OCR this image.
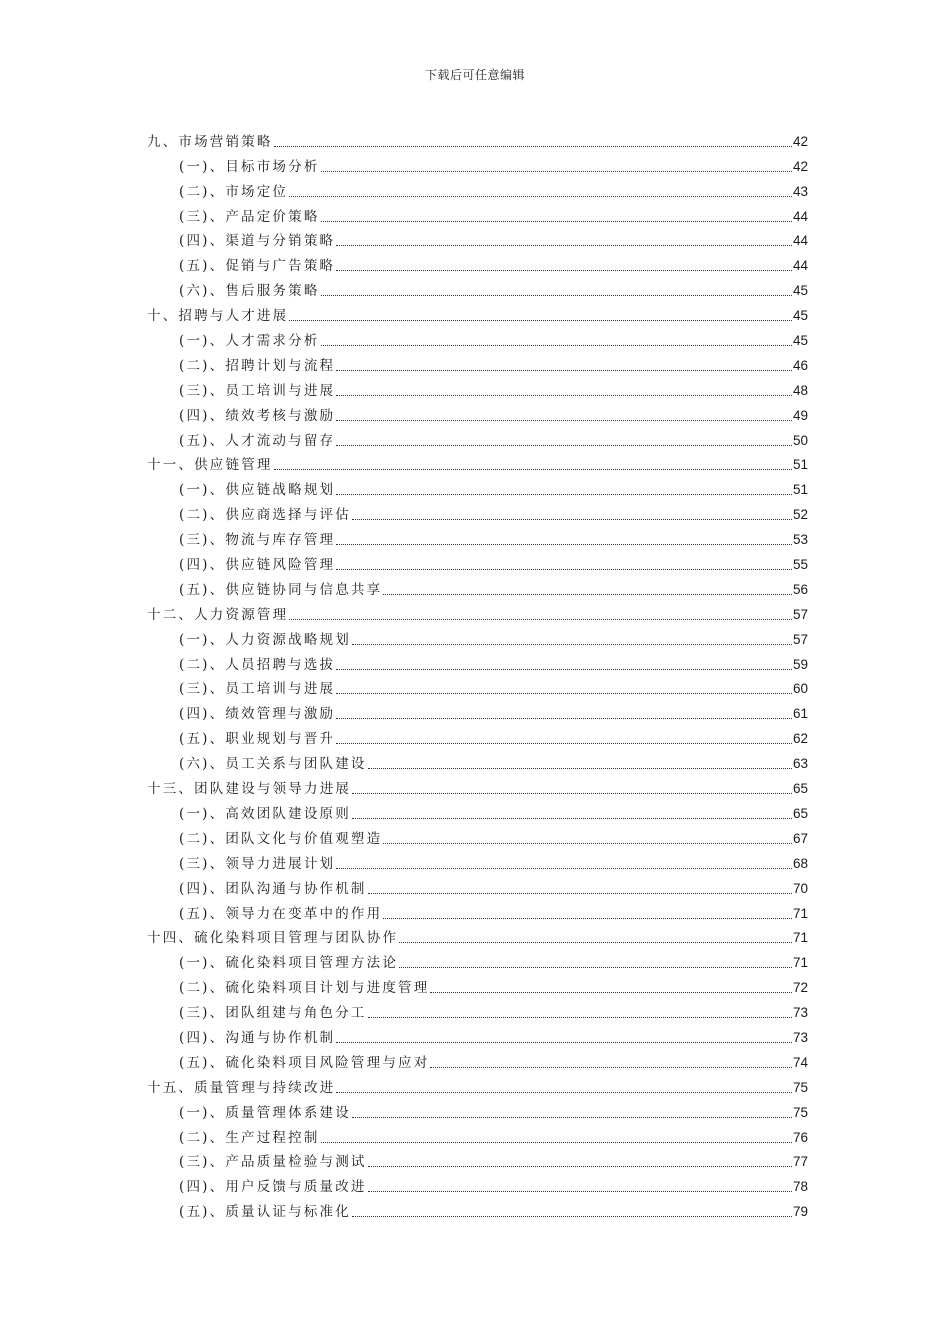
下载后可任意编辑
九、市场营销策略	42
(一)、目标市场分析	42
(二)、市场定位	43
(三)、产品定价策略	44
(四)、渠道与分销策略	44
(五)、促销与广告策略	44
(六)、售后服务策略	45
十、招聘与人才进展	45
(一)、人才需求分析	45
(二)、招聘计划与流程	46
(三)、员工培训与进展	48
(四)、绩效考核与激励	49
(五)、人才流动与留存	50
十一、供应链管理	51
(一)、供应链战略规划	51
(二)、供应商选择与评估	52
(三)、物流与库存管理	53
(四)、供应链风险管理	55
(五)、供应链协同与信息共享	56
十二、人力资源管理	57
(一)、人力资源战略规划	57
(二)、人员招聘与选拔	59
(三)、员工培训与进展	60
(四)、绩效管理与激励	61
(五)、职业规划与晋升	62
(六)、员工关系与团队建设	63
十三、团队建设与领导力进展	65
(一)、高效团队建设原则	65
(二)、团队文化与价值观塑造	67
(三)、领导力进展计划	68
(四)、团队沟通与协作机制	70
(五)、领导力在变革中的作用	71
十四、硫化染料项目管理与团队协作	71
(一)、硫化染料项目管理方法论	71
(二)、硫化染料项目计划与进度管理	72
(三)、团队组建与角色分工	73
(四)、沟通与协作机制	73
(五)、硫化染料项目风险管理与应对	74
十五、质量管理与持续改进	75
(一)、质量管理体系建设	75
(二)、生产过程控制	76
(三)、产品质量检验与测试	77
(四)、用户反馈与质量改进	78
(五)、质量认证与标准化	79
